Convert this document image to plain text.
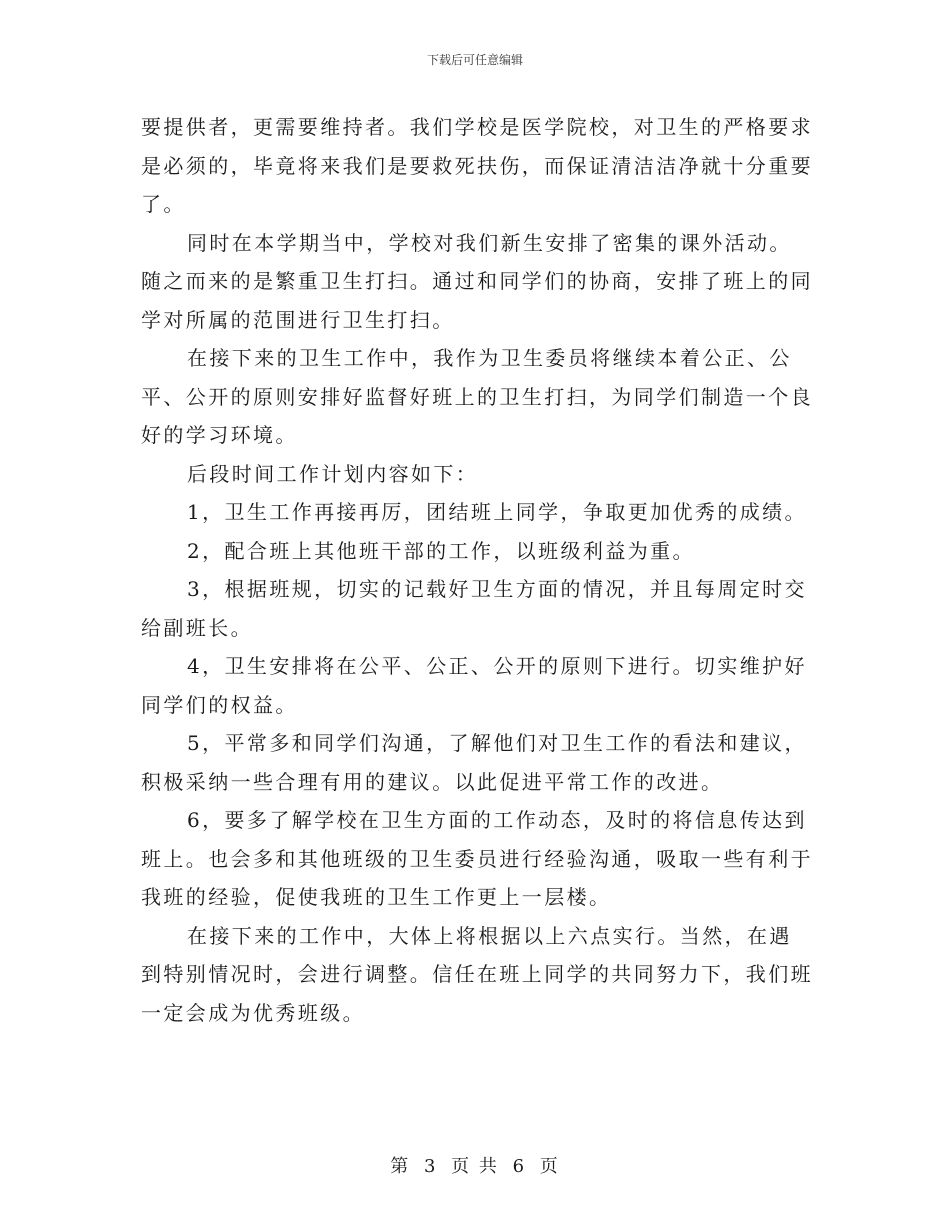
下载后可任意编辑

要提供者，更需要维持者。我们学校是医学院校，对卫生的严格要求是必须的，毕竟将来我们是要救死扶伤，而保证清洁洁净就十分重要了。

同时在本学期当中，学校对我们新生安排了密集的课外活动。随之而来的是繁重卫生打扫。通过和同学们的协商，安排了班上的同学对所属的范围进行卫生打扫。

在接下来的卫生工作中，我作为卫生委员将继续本着公正、公平、公开的原则安排好监督好班上的卫生打扫，为同学们制造一个良好的学习环境。

后段时间工作计划内容如下：

1，卫生工作再接再厉，团结班上同学，争取更加优秀的成绩。

2，配合班上其他班干部的工作，以班级利益为重。

3，根据班规，切实的记载好卫生方面的情况，并且每周定时交给副班长。

4，卫生安排将在公平、公正、公开的原则下进行。切实维护好同学们的权益。

5，平常多和同学们沟通，了解他们对卫生工作的看法和建议，积极采纳一些合理有用的建议。以此促进平常工作的改进。

6，要多了解学校在卫生方面的工作动态，及时的将信息传达到班上。也会多和其他班级的卫生委员进行经验沟通，吸取一些有利于我班的经验，促使我班的卫生工作更上一层楼。

在接下来的工作中，大体上将根据以上六点实行。当然，在遇到特别情况时，会进行调整。信任在班上同学的共同努力下，我们班一定会成为优秀班级。

第 3 页 共 6 页
